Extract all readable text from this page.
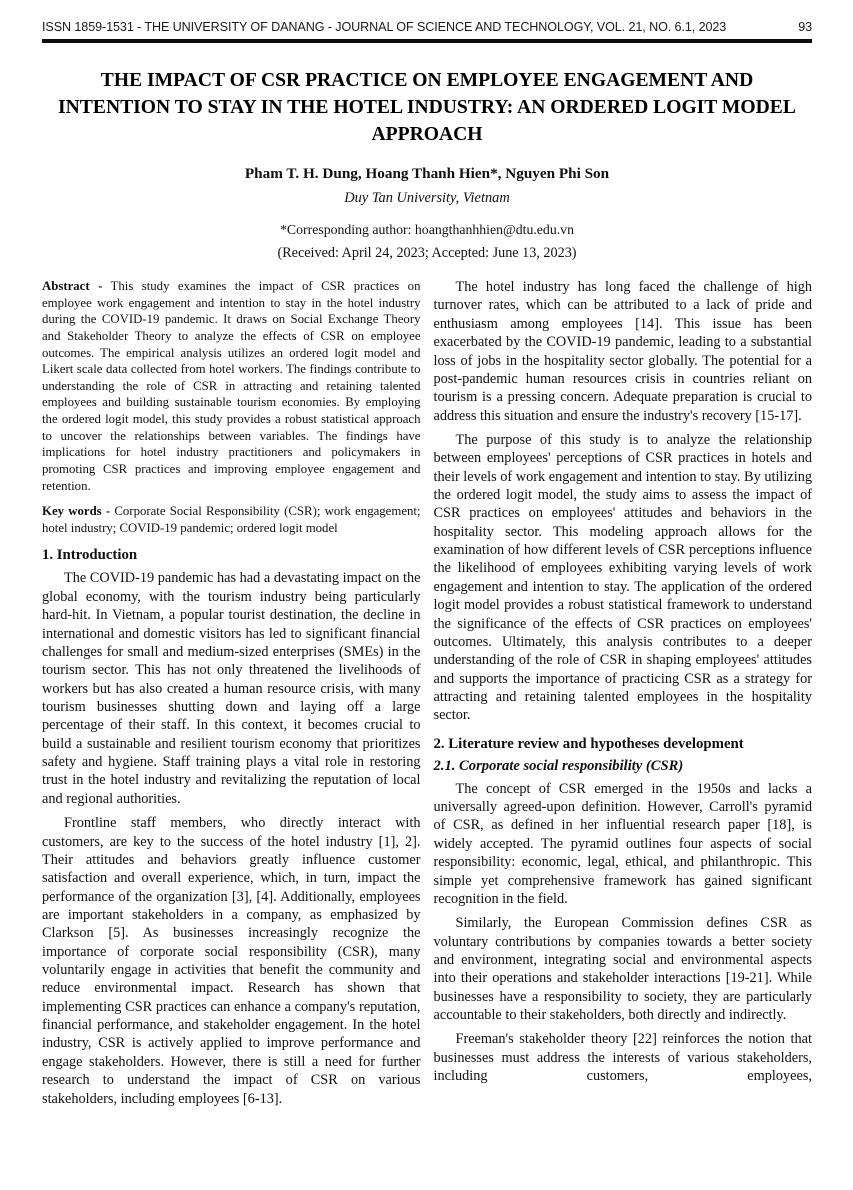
ISSN 1859-1531 - THE UNIVERSITY OF DANANG - JOURNAL OF SCIENCE AND TECHNOLOGY, VOL. 21, NO. 6.1, 2023	93
THE IMPACT OF CSR PRACTICE ON EMPLOYEE ENGAGEMENT AND INTENTION TO STAY IN THE HOTEL INDUSTRY: AN ORDERED LOGIT MODEL APPROACH
Pham T. H. Dung, Hoang Thanh Hien*, Nguyen Phi Son
Duy Tan University, Vietnam
*Corresponding author: hoangthanhhien@dtu.edu.vn
(Received: April 24, 2023; Accepted: June 13, 2023)

Abstract - This study examines the impact of CSR practices on employee work engagement and intention to stay in the hotel industry during the COVID-19 pandemic. It draws on Social Exchange Theory and Stakeholder Theory to analyze the effects of CSR on employee outcomes. The empirical analysis utilizes an ordered logit model and Likert scale data collected from hotel workers. The findings contribute to understanding the role of CSR in attracting and retaining talented employees and building sustainable tourism economies. By employing the ordered logit model, this study provides a robust statistical approach to uncover the relationships between variables. The findings have implications for hotel industry practitioners and policymakers in promoting CSR practices and improving employee engagement and retention.

Key words - Corporate Social Responsibility (CSR); work engagement; hotel industry; COVID-19 pandemic; ordered logit model

1. Introduction

The COVID-19 pandemic has had a devastating impact on the global economy, with the tourism industry being particularly hard-hit. In Vietnam, a popular tourist destination, the decline in international and domestic visitors has led to significant financial challenges for small and medium-sized enterprises (SMEs) in the tourism sector. This has not only threatened the livelihoods of workers but has also created a human resource crisis, with many tourism businesses shutting down and laying off a large percentage of their staff. In this context, it becomes crucial to build a sustainable and resilient tourism economy that prioritizes safety and hygiene. Staff training plays a vital role in restoring trust in the hotel industry and revitalizing the reputation of local and regional authorities.

Frontline staff members, who directly interact with customers, are key to the success of the hotel industry [1], 2]. Their attitudes and behaviors greatly influence customer satisfaction and overall experience, which, in turn, impact the performance of the organization [3], [4]. Additionally, employees are important stakeholders in a company, as emphasized by Clarkson [5]. As businesses increasingly recognize the importance of corporate social responsibility (CSR), many voluntarily engage in activities that benefit the community and reduce environmental impact. Research has shown that implementing CSR practices can enhance a company's reputation, financial performance, and stakeholder engagement. In the hotel industry, CSR is actively applied to improve performance and engage stakeholders. However, there is still a need for further research to understand the impact of CSR on various stakeholders, including employees [6-13].

The hotel industry has long faced the challenge of high turnover rates, which can be attributed to a lack of pride and enthusiasm among employees [14]. This issue has been exacerbated by the COVID-19 pandemic, leading to a substantial loss of jobs in the hospitality sector globally. The potential for a post-pandemic human resources crisis in countries reliant on tourism is a pressing concern. Adequate preparation is crucial to address this situation and ensure the industry's recovery [15-17].

The purpose of this study is to analyze the relationship between employees' perceptions of CSR practices in hotels and their levels of work engagement and intention to stay. By utilizing the ordered logit model, the study aims to assess the impact of CSR practices on employees' attitudes and behaviors in the hospitality sector. This modeling approach allows for the examination of how different levels of CSR perceptions influence the likelihood of employees exhibiting varying levels of work engagement and intention to stay. The application of the ordered logit model provides a robust statistical framework to understand the significance of the effects of CSR practices on employees' outcomes. Ultimately, this analysis contributes to a deeper understanding of the role of CSR in shaping employees' attitudes and supports the importance of practicing CSR as a strategy for attracting and retaining talented employees in the hospitality sector.

2. Literature review and hypotheses development
2.1. Corporate social responsibility (CSR)

The concept of CSR emerged in the 1950s and lacks a universally agreed-upon definition. However, Carroll's pyramid of CSR, as defined in her influential research paper [18], is widely accepted. The pyramid outlines four aspects of social responsibility: economic, legal, ethical, and philanthropic. This simple yet comprehensive framework has gained significant recognition in the field.

Similarly, the European Commission defines CSR as voluntary contributions by companies towards a better society and environment, integrating social and environmental aspects into their operations and stakeholder interactions [19-21]. While businesses have a responsibility to society, they are particularly accountable to their stakeholders, both directly and indirectly.

Freeman's stakeholder theory [22] reinforces the notion that businesses must address the interests of various stakeholders, including customers, employees,
